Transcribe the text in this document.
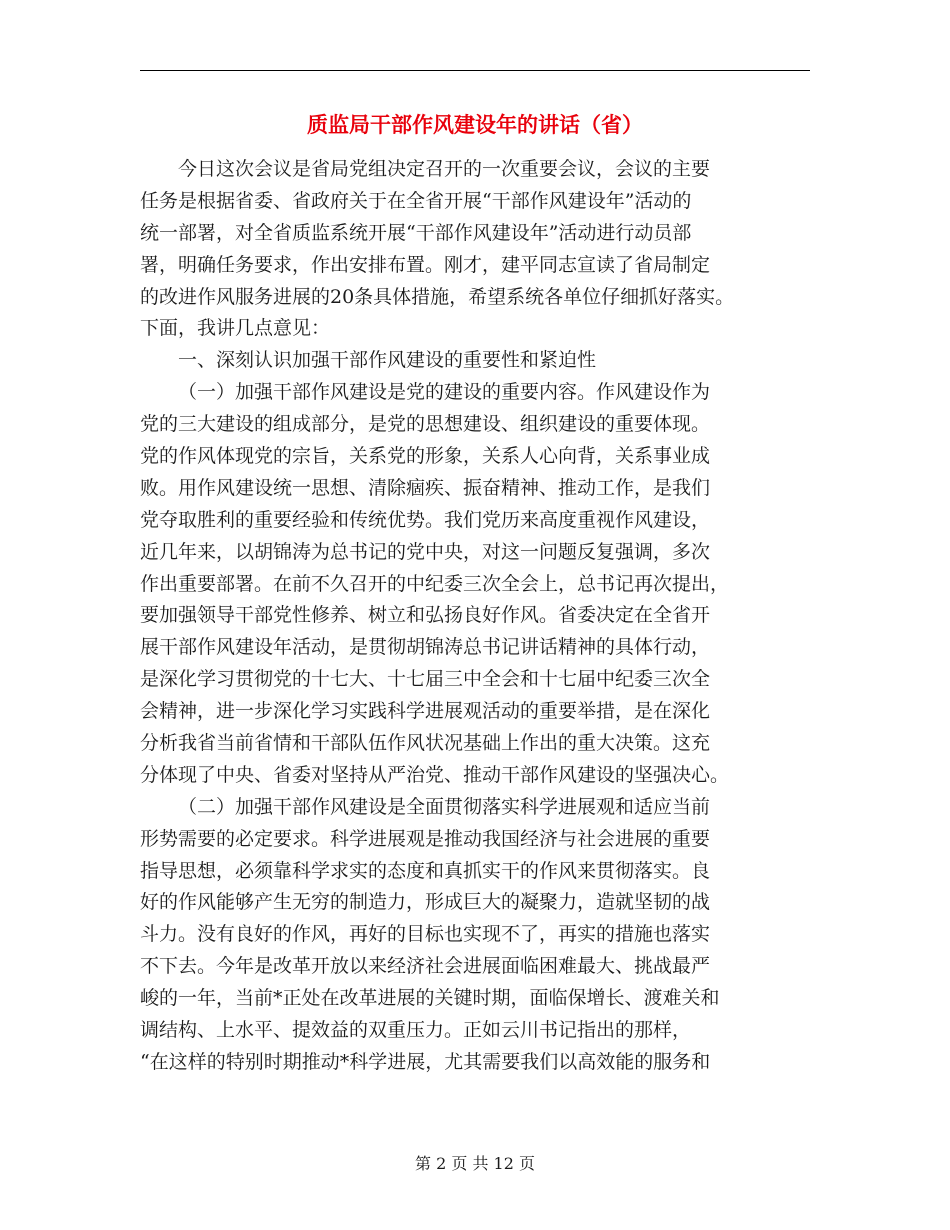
质监局干部作风建设年的讲话（省）
今日这次会议是省局党组决定召开的一次重要会议，会议的主要
任务是根据省委、省政府关于在全省开展“干部作风建设年”活动的
统一部署，对全省质监系统开展“干部作风建设年”活动进行动员部
署，明确任务要求，作出安排布置。刚才，建平同志宣读了省局制定
的改进作风服务进展的20条具体措施，希望系统各单位仔细抓好落实。
下面，我讲几点意见：
一、深刻认识加强干部作风建设的重要性和紧迫性
（一）加强干部作风建设是党的建设的重要内容。作风建设作为
党的三大建设的组成部分，是党的思想建设、组织建设的重要体现。
党的作风体现党的宗旨，关系党的形象，关系人心向背，关系事业成
败。用作风建设统一思想、清除痼疾、振奋精神、推动工作，是我们
党夺取胜利的重要经验和传统优势。我们党历来高度重视作风建设，
近几年来，以胡锦涛为总书记的党中央，对这一问题反复强调，多次
作出重要部署。在前不久召开的中纪委三次全会上，总书记再次提出，
要加强领导干部党性修养、树立和弘扬良好作风。省委决定在全省开
展干部作风建设年活动，是贯彻胡锦涛总书记讲话精神的具体行动，
是深化学习贯彻党的十七大、十七届三中全会和十七届中纪委三次全
会精神，进一步深化学习实践科学进展观活动的重要举措，是在深化
分析我省当前省情和干部队伍作风状况基础上作出的重大决策。这充
分体现了中央、省委对坚持从严治党、推动干部作风建设的坚强决心。
（二）加强干部作风建设是全面贯彻落实科学进展观和适应当前
形势需要的必定要求。科学进展观是推动我国经济与社会进展的重要
指导思想，必须靠科学求实的态度和真抓实干的作风来贯彻落实。良
好的作风能够产生无穷的制造力，形成巨大的凝聚力，造就坚韧的战
斗力。没有良好的作风，再好的目标也实现不了，再实的措施也落实
不下去。今年是改革开放以来经济社会进展面临困难最大、挑战最严
峻的一年，当前*正处在改革进展的关键时期，面临保增长、渡难关和
调结构、上水平、提效益的双重压力。正如云川书记指出的那样，
“在这样的特别时期推动*科学进展，尤其需要我们以高效能的服务和
第 2 页 共 12 页
